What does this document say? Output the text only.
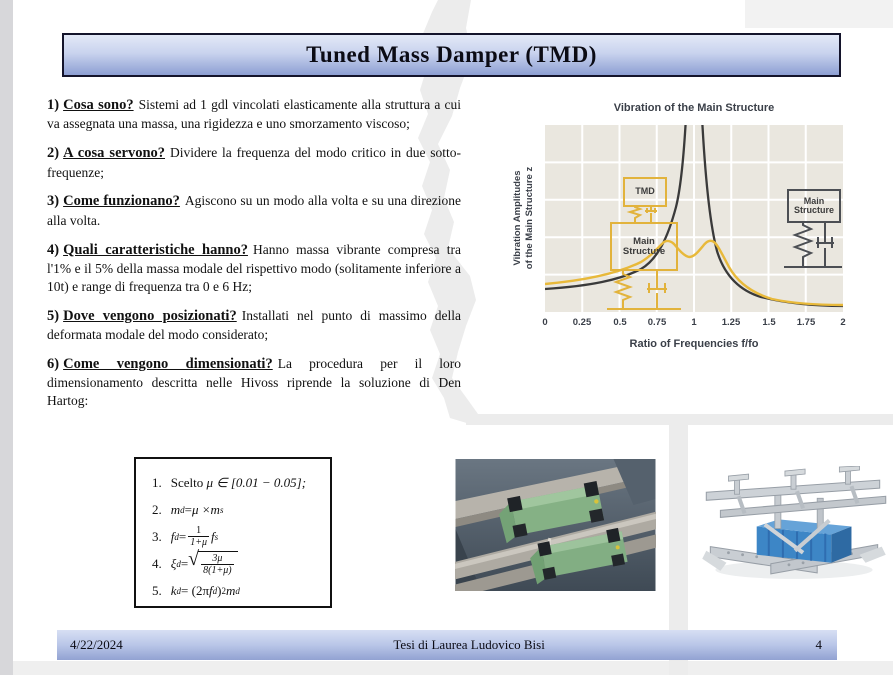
Tuned Mass Damper (TMD)

1) Cosa sono? Sistemi ad 1 gdl vincolati elasticamente alla struttura a cui va assegnata una massa, una rigidezza e uno smorzamento viscoso;

2) A cosa servono? Dividere la frequenza del modo critico in due sotto-frequenze;

3) Come funzionano? Agiscono su un modo alla volta e su una direzione alla volta.

4) Quali caratteristiche hanno? Hanno massa vibrante compresa tra l'1% e il 5% della massa modale del rispettivo modo (solitamente inferiore a 10t) e range di frequenza tra 0 e 6 Hz;

5) Dove vengono posizionati? Installati nel punto di massimo della deformata modale del modo considerato;

6) Come vengono dimensionati? La procedura per il loro dimensionamento descritta nelle Hivoss riprende la soluzione di Den Hartog:

Vibration of the Main Structure
Vibration Amplitudes of the Main Structure z	TMD
Main
Structure
Main
Structure
0	0.25 0.5 0.75	1	1.25 1.5 1.75	2
Ratio of Frequencies f/fo
1. Scelto
μ ∈ [0.01 − 0.05];
2. m d = μ × m s
3. f $d = \frac{1}{1+\mu}$ f s
4. ξ d = √ $\frac{3\mu}{8(1+\mu)}$
5. k d = (2π f d ) 2 m d
4/22/2024	Tesi di Laurea Ludovico Bisi	4
